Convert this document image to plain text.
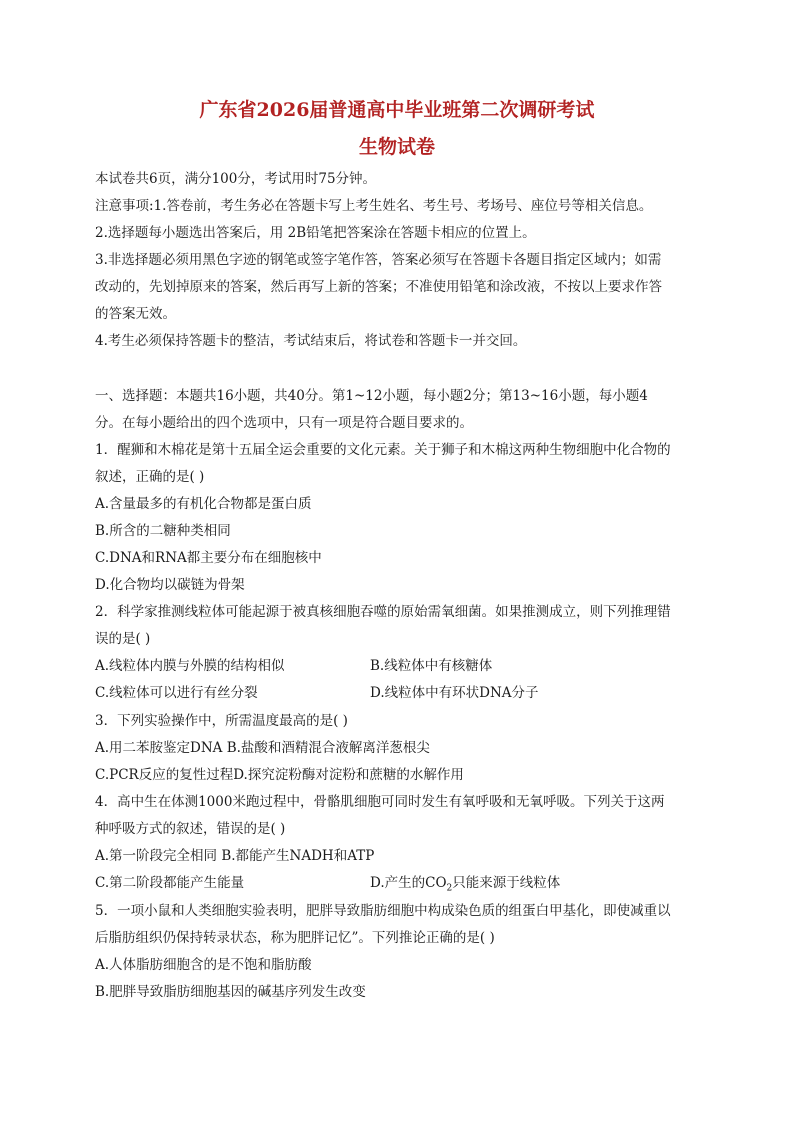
广东省2026届普通高中毕业班第二次调研考试
生物试卷
本试卷共6页，满分100分，考试用时75分钟。
注意事项:1.答卷前，考生务必在答题卡写上考生姓名、考生号、考场号、座位号等相关信息。
2.选择题每小题选出答案后，用 2B铅笔把答案涂在答题卡相应的位置上。
3.非选择题必须用黑色字迹的钢笔或签字笔作答，答案必须写在答题卡各题目指定区域内；如需
改动的，先划掉原来的答案，然后再写上新的答案；不准使用铅笔和涂改液，不按以上要求作答
的答案无效。
4.考生必须保持答题卡的整洁，考试结束后，将试卷和答题卡一并交回。
一、选择题：本题共16小题，共40分。第1~12小题，每小题2分；第13~16小题，每小题4
分。在每小题给出的四个选项中，只有一项是符合题目要求的。
1．醒狮和木棉花是第十五届全运会重要的文化元素。关于狮子和木棉这两种生物细胞中化合物的
叙述，正确的是( )
A.含量最多的有机化合物都是蛋白质
B.所含的二糖种类相同
C.DNA和RNA都主要分布在细胞核中
D.化合物均以碳链为骨架
2．科学家推测线粒体可能起源于被真核细胞吞噬的原始需氧细菌。如果推测成立，则下列推理错
误的是( )
A.线粒体内膜与外膜的结构相似	B.线粒体中有核糖体
C.线粒体可以进行有丝分裂	D.线粒体中有环状DNA分子
3．下列实验操作中，所需温度最高的是( )
A.用二苯胺鉴定DNA B.盐酸和酒精混合液解离洋葱根尖
C.PCR反应的复性过程D.探究淀粉酶对淀粉和蔗糖的水解作用
4．高中生在体测1000米跑过程中，骨骼肌细胞可同时发生有氧呼吸和无氧呼吸。下列关于这两
种呼吸方式的叙述，错误的是( )
A.第一阶段完全相同 B.都能产生NADH和ATP
C.第二阶段都能产生能量	D.产生的$CO_2$只能来源于线粒体
5．一项小鼠和人类细胞实验表明，肥胖导致脂肪细胞中构成染色质的组蛋白甲基化，即使减重以
后脂肪组织仍保持转录状态，称为肥胖记忆”。下列推论正确的是( )
A.人体脂肪细胞含的是不饱和脂肪酸
B.肥胖导致脂肪细胞基因的碱基序列发生改变
